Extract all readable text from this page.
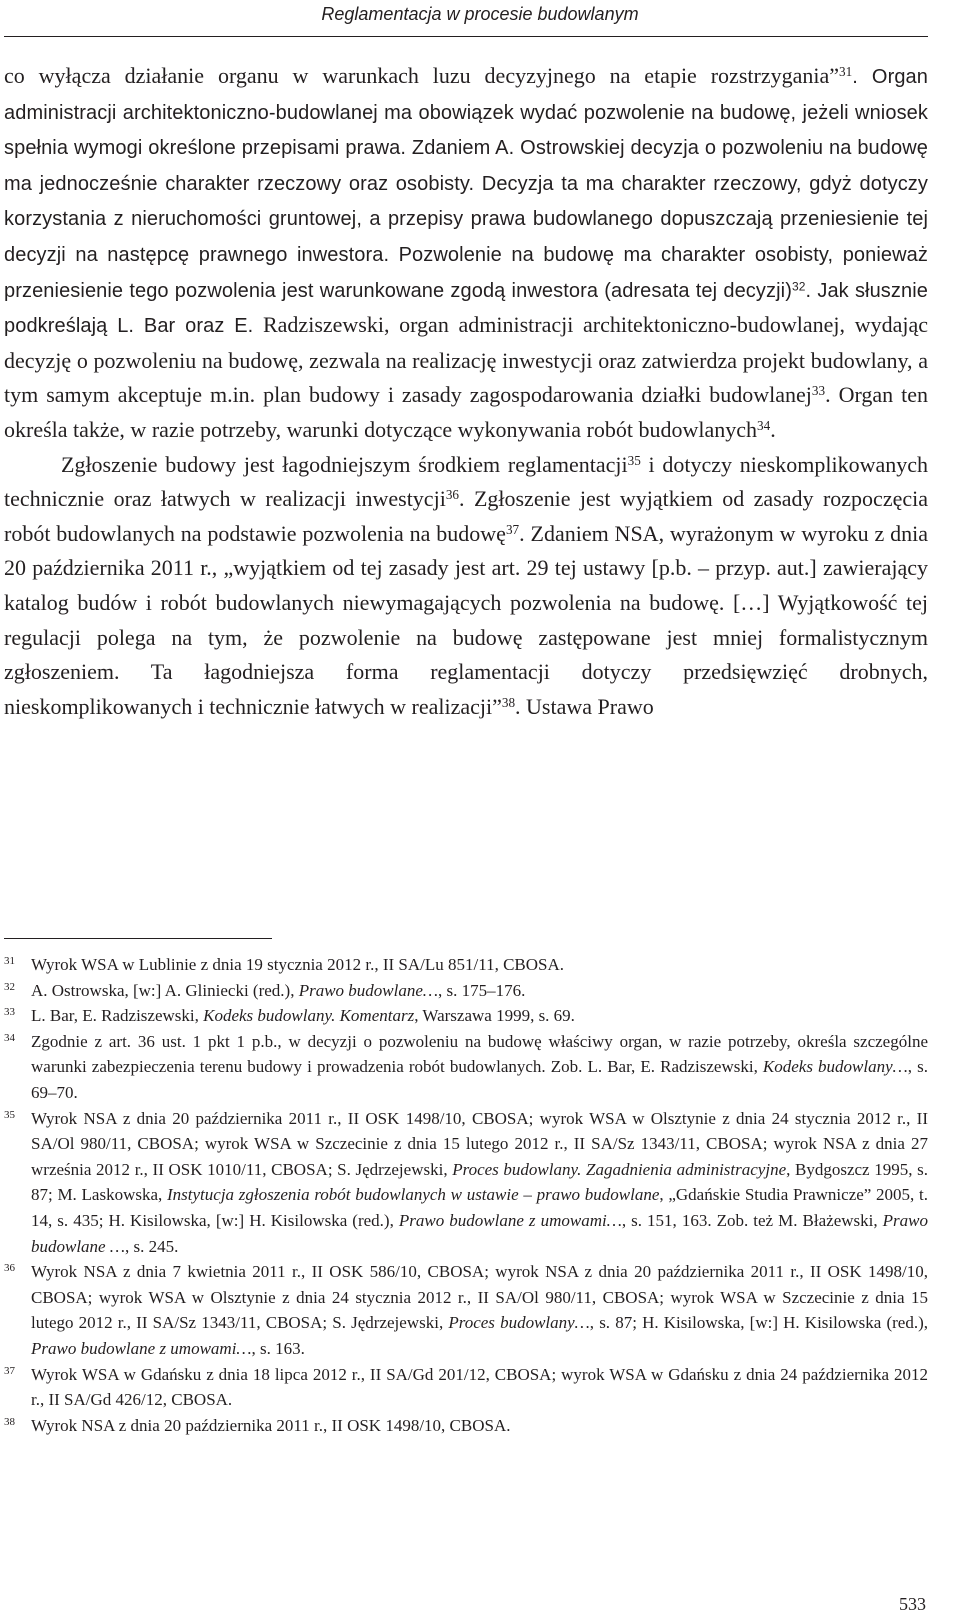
Reglamentacja w procesie budowlanym

co wyłącza działanie organu w warunkach luzu decyzyjnego na etapie rozstrzygania”$^{31}$. Organ administracji architektoniczno-budowlanej ma obowiązek wydać pozwolenie na budowę, jeżeli wniosek spełnia wymogi określone przepisami prawa. Zdaniem A. Ostrowskiej decyzja o pozwoleniu na budowę ma jednocześnie charakter rzeczowy oraz osobisty. Decyzja ta ma charakter rzeczowy, gdyż dotyczy korzystania z nieruchomości gruntowej, a przepisy prawa budowlanego dopuszczają przeniesienie tej decyzji na następcę prawnego inwestora. Pozwolenie na budowę ma charakter osobisty, ponieważ przeniesienie tego pozwolenia jest warunkowane zgodą inwestora (adresata tej decyzji)$^{32}$. Jak słusznie podkreślają L. Bar oraz E. Radziszewski, organ administracji architektoniczno-budowlanej, wydając decyzję o pozwoleniu na budowę, zezwala na realizację inwestycji oraz zatwierdza projekt budowlany, a tym samym akceptuje m.in. plan budowy i zasady zagospodarowania działki budowlanej$^{33}$. Organ ten określa także, w razie potrzeby, warunki dotyczące wykonywania robót budowlanych$^{34}$.

Zgłoszenie budowy jest łagodniejszym środkiem reglamentacji$^{35}$ i dotyczy nieskomplikowanych technicznie oraz łatwych w realizacji inwestycji$^{36}$. Zgłoszenie jest wyjątkiem od zasady rozpoczęcia robót budowlanych na podstawie pozwolenia na budowę$^{37}$. Zdaniem NSA, wyrażonym w wyroku z dnia 20 października 2011 r., „wyjątkiem od tej zasady jest art. 29 tej ustawy [p.b. – przyp. aut.] zawierający katalog budów i robót budowlanych niewymagających pozwolenia na budowę. […] Wyjątkowość tej regulacji polega na tym, że pozwolenie na budowę zastępowane jest mniej formalistycznym zgłoszeniem. Ta łagodniejsza forma reglamentacji dotyczy przedsięwzięć drobnych, nieskomplikowanych i technicznie łatwych w realizacji”$^{38}$. Ustawa Prawo

31 Wyrok WSA w Lublinie z dnia 19 stycznia 2012 r., II SA/Lu 851/11, CBOSA.
32 A. Ostrowska, [w:] A. Gliniecki (red.), Prawo budowlane…, s. 175–176.
33 L. Bar, E. Radziszewski, Kodeks budowlany. Komentarz, Warszawa 1999, s. 69.
34 Zgodnie z art. 36 ust. 1 pkt 1 p.b., w decyzji o pozwoleniu na budowę właściwy organ, w razie potrzeby, określa szczególne warunki zabezpieczenia terenu budowy i prowadzenia robót budowlanych. Zob. L. Bar, E. Radziszewski, Kodeks budowlany…, s. 69–70.
35 Wyrok NSA z dnia 20 października 2011 r., II OSK 1498/10, CBOSA; wyrok WSA w Olsztynie z dnia 24 stycznia 2012 r., II SA/Ol 980/11, CBOSA; wyrok WSA w Szczecinie z dnia 15 lutego 2012 r., II SA/Sz 1343/11, CBOSA; wyrok NSA z dnia 27 września 2012 r., II OSK 1010/11, CBOSA; S. Jędrzejewski, Proces budowlany. Zagadnienia administracyjne, Bydgoszcz 1995, s. 87; M. Laskowska, Instytucja zgłoszenia robót budowlanych w ustawie – prawo budowlane, „Gdańskie Studia Prawnicze” 2005, t. 14, s. 435; H. Kisilowska, [w:] H. Kisilowska (red.), Prawo budowlane z umowami…, s. 151, 163. Zob. też M. Błażewski, Prawo budowlane …, s. 245.
36 Wyrok NSA z dnia 7 kwietnia 2011 r., II OSK 586/10, CBOSA; wyrok NSA z dnia 20 października 2011 r., II OSK 1498/10, CBOSA; wyrok WSA w Olsztynie z dnia 24 stycznia 2012 r., II SA/Ol 980/11, CBOSA; wyrok WSA w Szczecinie z dnia 15 lutego 2012 r., II SA/Sz 1343/11, CBOSA; S. Jędrzejewski, Proces budowlany…, s. 87; H. Kisilowska, [w:] H. Kisilowska (red.), Prawo budowlane z umowami…, s. 163.
37 Wyrok WSA w Gdańsku z dnia 18 lipca 2012 r., II SA/Gd 201/12, CBOSA; wyrok WSA w Gdańsku z dnia 24 października 2012 r., II SA/Gd 426/12, CBOSA.
38 Wyrok NSA z dnia 20 października 2011 r., II OSK 1498/10, CBOSA.
533
